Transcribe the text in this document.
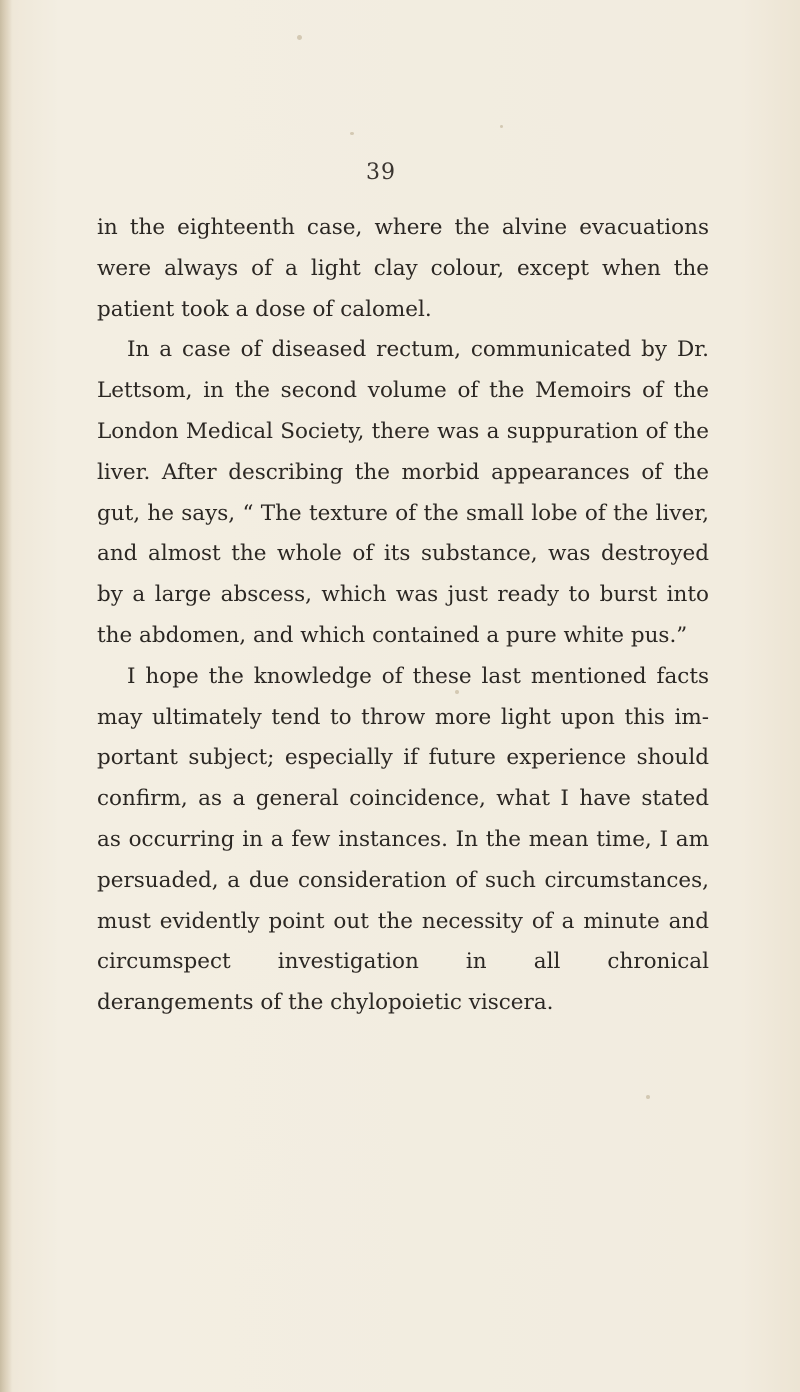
39

in the eighteenth case, where the alvine evacuations were always of a light clay colour, except when the patient took a dose of calomel.

In a case of diseased rectum, communicated by Dr. Lettsom, in the second volume of the Memoirs of the London Medical Society, there was a suppuration of the liver. After describing the morbid appearances of the gut, he says, “ The texture of the small lobe of the liver, and almost the whole of its substance, was destroyed by a large abscess, which was just ready to burst into the abdomen, and which contained a pure white pus.”

I hope the knowledge of these last mentioned facts may ultimately tend to throw more light upon this im-portant subject; especially if future experience should confirm, as a general coincidence, what I have stated as occurring in a few instances. In the mean time, I am persuaded, a due consideration of such circumstances, must evidently point out the necessity of a minute and circumspect investigation in all chronical derangements of the chylopoietic viscera.
